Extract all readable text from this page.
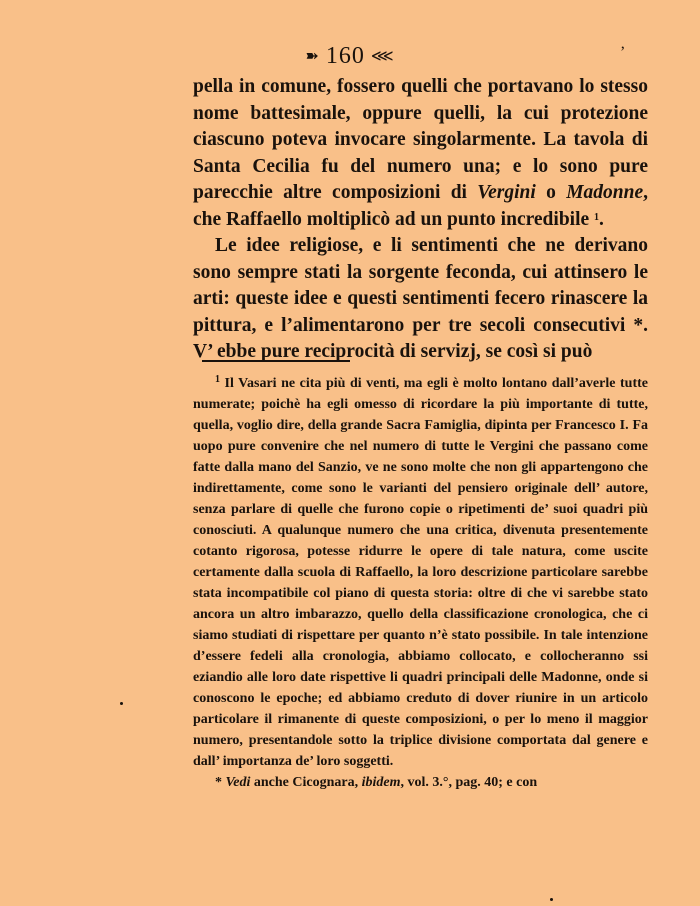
➽ 160 ⋘	’

pella in comune, fossero quelli che portavano lo stesso nome battesimale, oppure quelli, la cui protezione ciascuno poteva invocare singolarmente. La tavola di Santa Cecilia fu del numero una; e lo sono pure parecchie altre composizioni di Vergini o Madonne, che Raffaello moltiplicò ad un punto incredibile $^1$.

Le idee religiose, e li sentimenti che ne derivano sono sempre stati la sorgente feconda, cui attinsero le arti: queste idee e questi sentimenti fecero rinascere la pittura, e l’alimentarono per tre secoli consecutivi *. V’ ebbe pure reciprocità di servizj, se così si può

$^1$ Il Vasari ne cita più di venti, ma egli è molto lontano dall’averle tutte numerate; poichè ha egli omesso di ricordare la più importante di tutte, quella, voglio dire, della grande Sacra Famiglia, dipinta per Francesco I. Fa uopo pure convenire che nel numero di tutte le Vergini che passano come fatte dalla mano del Sanzio, ve ne sono molte che non gli appartengono che indirettamente, come sono le varianti del pensiero originale dell’ autore, senza parlare di quelle che furono copie o ripetimenti de’ suoi quadri più conosciuti. A qualunque numero che una critica, divenuta presentemente cotanto rigorosa, potesse ridurre le opere di tale natura, come uscite certamente dalla scuola di Raffaello, la loro descrizione particolare sarebbe stata incompatibile col piano di questa storia: oltre di che vi sarebbe stato ancora un altro imbarazzo, quello della classificazione cronologica, che ci siamo studiati di rispettare per quanto n’è stato possibile. In tale intenzione d’essere fedeli alla cronologia, abbiamo collocato, e collocheranno ssi eziandio alle loro date rispettive li quadri principali delle Madonne, onde si conoscono le epoche; ed abbiamo creduto di dover riunire in un articolo particolare il rimanente di queste composizioni, o per lo meno il maggior numero, presentandole sotto la triplice divisione comportata dal genere e dall’ importanza de’ loro soggetti.

* Vedi anche Cicognara, ibidem, vol. 3.°, pag. 40; e con
